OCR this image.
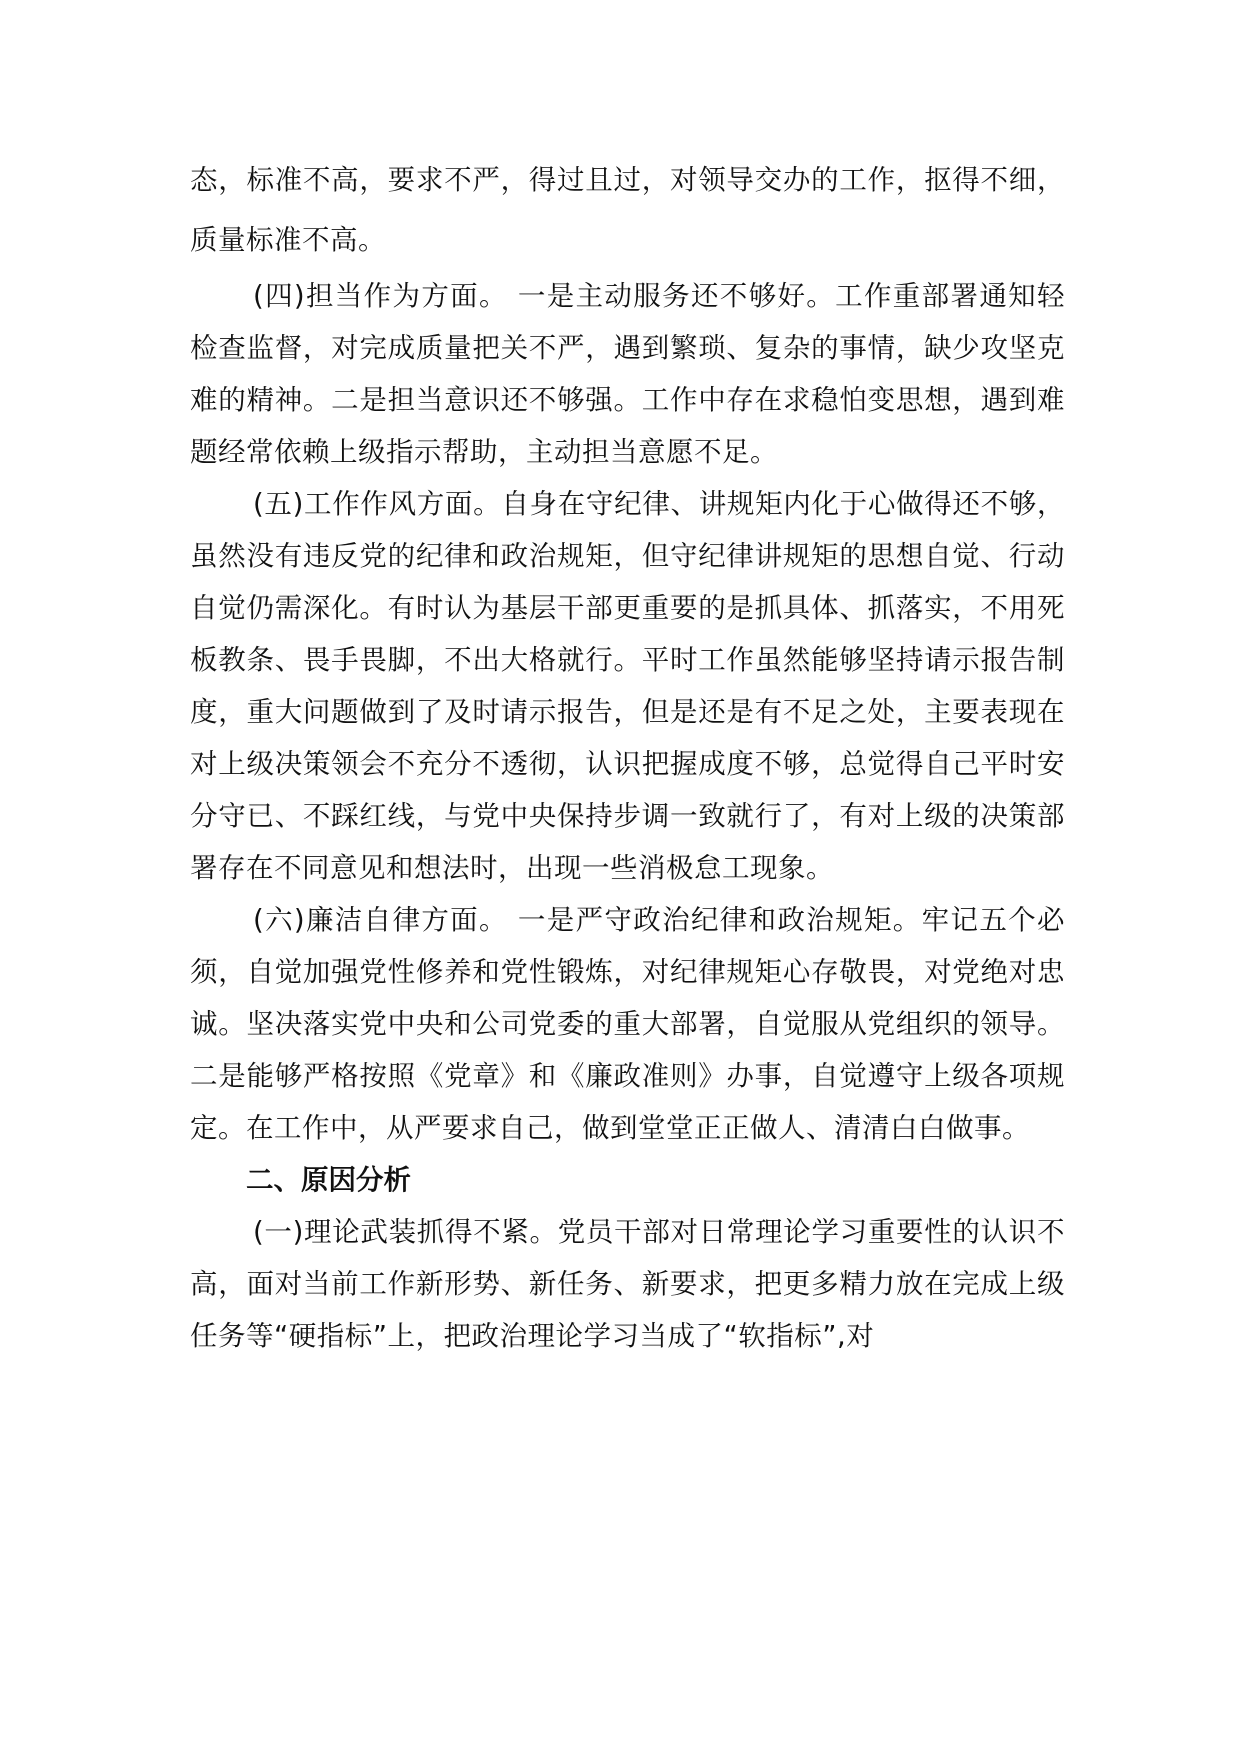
态，标准不高，要求不严，得过且过，对领导交办的工作，抠得不细，质量标准不高。

(四)担当作为方面。 一是主动服务还不够好。工作重部署通知轻检查监督，对完成质量把关不严，遇到繁琐、复杂的事情，缺少攻坚克难的精神。二是担当意识还不够强。工作中存在求稳怕变思想，遇到难题经常依赖上级指示帮助，主动担当意愿不足。

(五)工作作风方面。自身在守纪律、讲规矩内化于心做得还不够，虽然没有违反党的纪律和政治规矩，但守纪律讲规矩的思想自觉、行动自觉仍需深化。有时认为基层干部更重要的是抓具体、抓落实，不用死板教条、畏手畏脚，不出大格就行。平时工作虽然能够坚持请示报告制度，重大问题做到了及时请示报告，但是还是有不足之处，主要表现在对上级决策领会不充分不透彻，认识把握成度不够，总觉得自己平时安分守已、不踩红线，与党中央保持步调一致就行了，有对上级的决策部署存在不同意见和想法时，出现一些消极怠工现象。

(六)廉洁自律方面。 一是严守政治纪律和政治规矩。牢记五个必须，自觉加强党性修养和党性锻炼，对纪律规矩心存敬畏，对党绝对忠诚。坚决落实党中央和公司党委的重大部署，自觉服从党组织的领导。二是能够严格按照《党章》和《廉政准则》办事，自觉遵守上级各项规定。在工作中，从严要求自己，做到堂堂正正做人、清清白白做事。

二、原因分析

(一)理论武装抓得不紧。党员干部对日常理论学习重要性的认识不高，面对当前工作新形势、新任务、新要求，把更多精力放在完成上级任务等“硬指标”上，把政治理论学习当成了“软指标”,对
